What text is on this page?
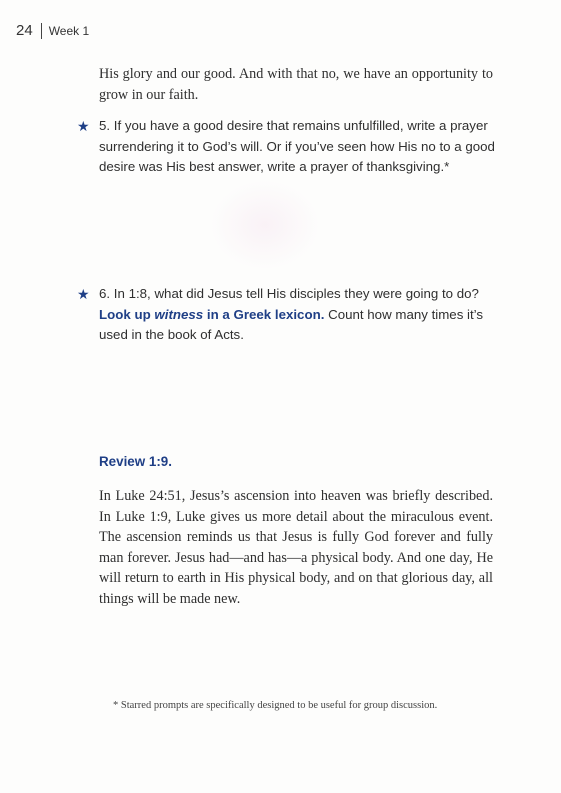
24 Week 1
His glory and our good. And with that no, we have an opportunity to grow in our faith.
★ 5. If you have a good desire that remains unfulfilled, write a prayer surrendering it to God’s will. Or if you’ve seen how His no to a good desire was His best answer, write a prayer of thanksgiving.*
★ 6. In 1:8, what did Jesus tell His disciples they were going to do? Look up witness in a Greek lexicon. Count how many times it’s used in the book of Acts.
Review 1:9.
In Luke 24:51, Jesus’s ascension into heaven was briefly described. In Luke 1:9, Luke gives us more detail about the miraculous event. The ascension reminds us that Jesus is fully God forever and fully man forever. Jesus had—and has—a physical body. And one day, He will return to earth in His physical body, and on that glorious day, all things will be made new.
* Starred prompts are specifically designed to be useful for group discussion.
